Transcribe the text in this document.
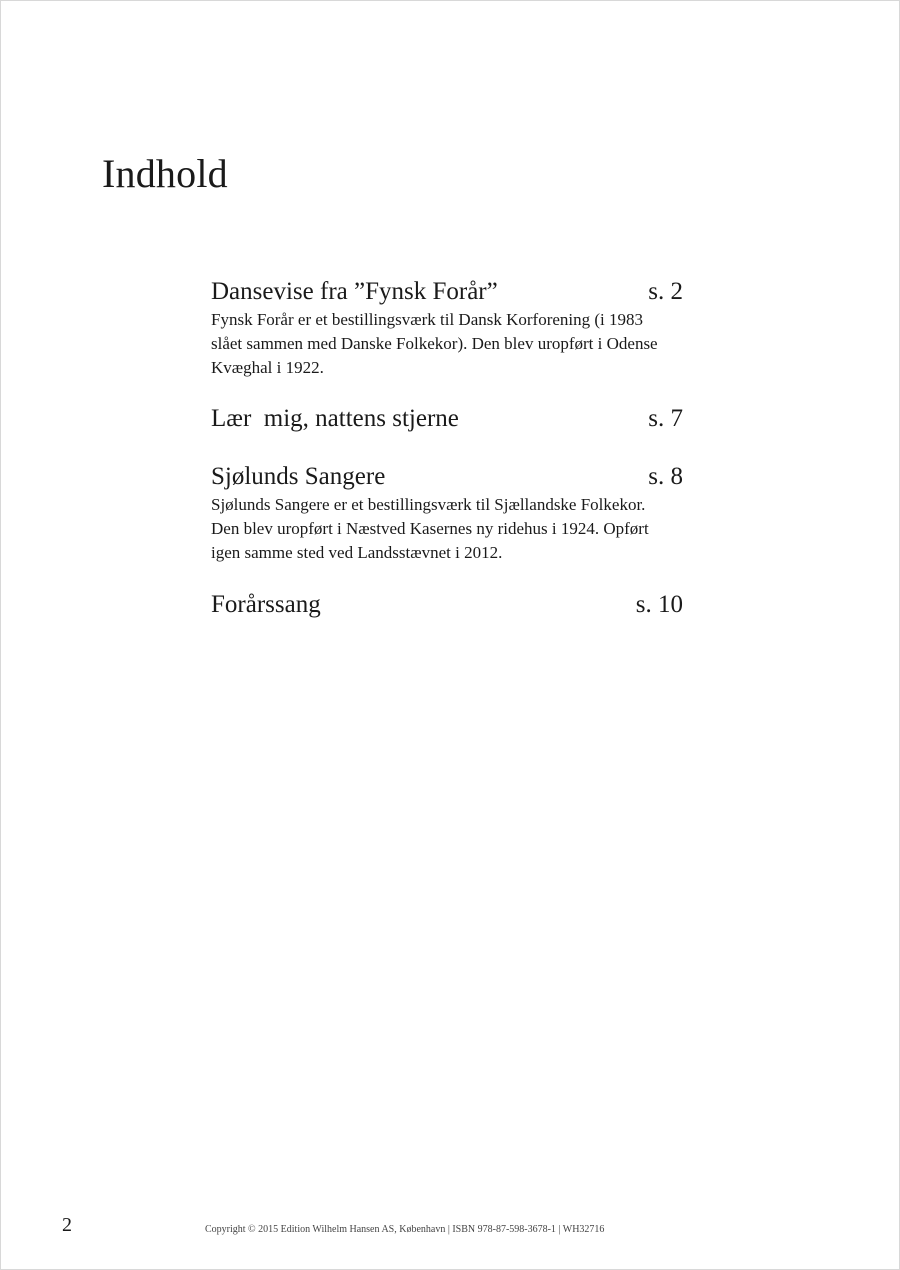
Indhold
Dansevise fra ”Fynsk Forår”	s. 2
Fynsk Forår er et bestillingsværk til Dansk Korforening (i 1983 slået sammen med Danske Folkekor). Den blev uropført i Odense Kvæghal i 1922.
Lær  mig, nattens stjerne	s. 7
Sjølunds Sangere	s. 8
Sjølunds Sangere er et bestillingsværk til Sjællandske Folkekor. Den blev uropført i Næstved Kasernes ny ridehus i 1924. Opført igen samme sted ved Landsstævnet i 2012.
Forårssang	s. 10
2	Copyright © 2015 Edition Wilhelm Hansen AS, København | ISBN 978-87-598-3678-1 | WH32716
